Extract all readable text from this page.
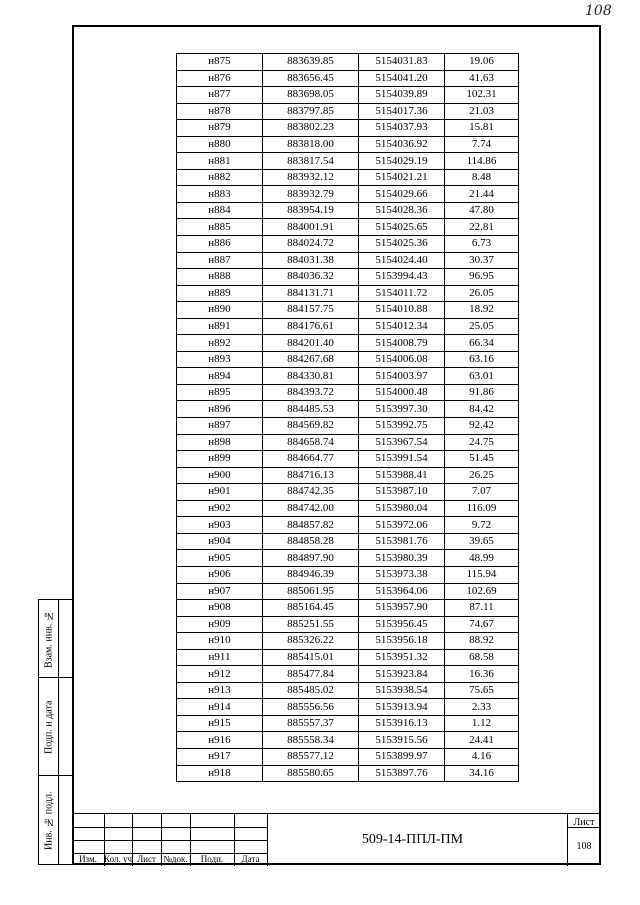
108
н875	883639.85	5154031.83	19.06
н876	883656.45	5154041.20	41.63
н877	883698.05	5154039.89	102.31
н878	883797.85	5154017.36	21.03
н879	883802.23	5154037.93	15.81
н880	883818.00	5154036.92	7.74
н881	883817.54	5154029.19	114.86
н882	883932.12	5154021.21	8.48
н883	883932.79	5154029.66	21.44
н884	883954.19	5154028.36	47.80
н885	884001.91	5154025.65	22.81
н886	884024.72	5154025.36	6.73
н887	884031.38	5154024.40	30.37
н888	884036.32	5153994.43	96.95
н889	884131.71	5154011.72	26.05
н890	884157.75	5154010.88	18.92
н891	884176.61	5154012.34	25.05
н892	884201.40	5154008.79	66.34
н893	884267.68	5154006.08	63.16
н894	884330.81	5154003.97	63.01
н895	884393.72	5154000.48	91.86
н896	884485.53	5153997.30	84.42
н897	884569.82	5153992.75	92.42
н898	884658.74	5153967.54	24.75
н899	884664.77	5153991.54	51.45
н900	884716.13	5153988.41	26.25
н901	884742.35	5153987.10	7.07
н902	884742.00	5153980.04	116.09
н903	884857.82	5153972.06	9.72
н904	884858.28	5153981.76	39.65
н905	884897.90	5153980.39	48.99
н906	884946.39	5153973.38	115.94
н907	885061.95	5153964.06	102.69
н908	885164.45	5153957.90	87.11
н909	885251.55	5153956.45	74.67
н910	885326.22	5153956.18	88.92
н911	885415.01	5153951.32	68.58
н912	885477.84	5153923.84	16.36
н913	885485.02	5153938.54	75.65
н914	885556.56	5153913.94	2.33
н915	885557.37	5153916.13	1.12
н916	885558.34	5153915.56	24.41
н917	885577.12	5153899.97	4.16
н918	885580.65	5153897.76	34.16
Взам. инв. №
Подп. и дата
Инв. № подл.
Изм. Кол. уч Лист №док.	Подп.	Дата
509-14-ППЛ-ПМ
Лист
108
